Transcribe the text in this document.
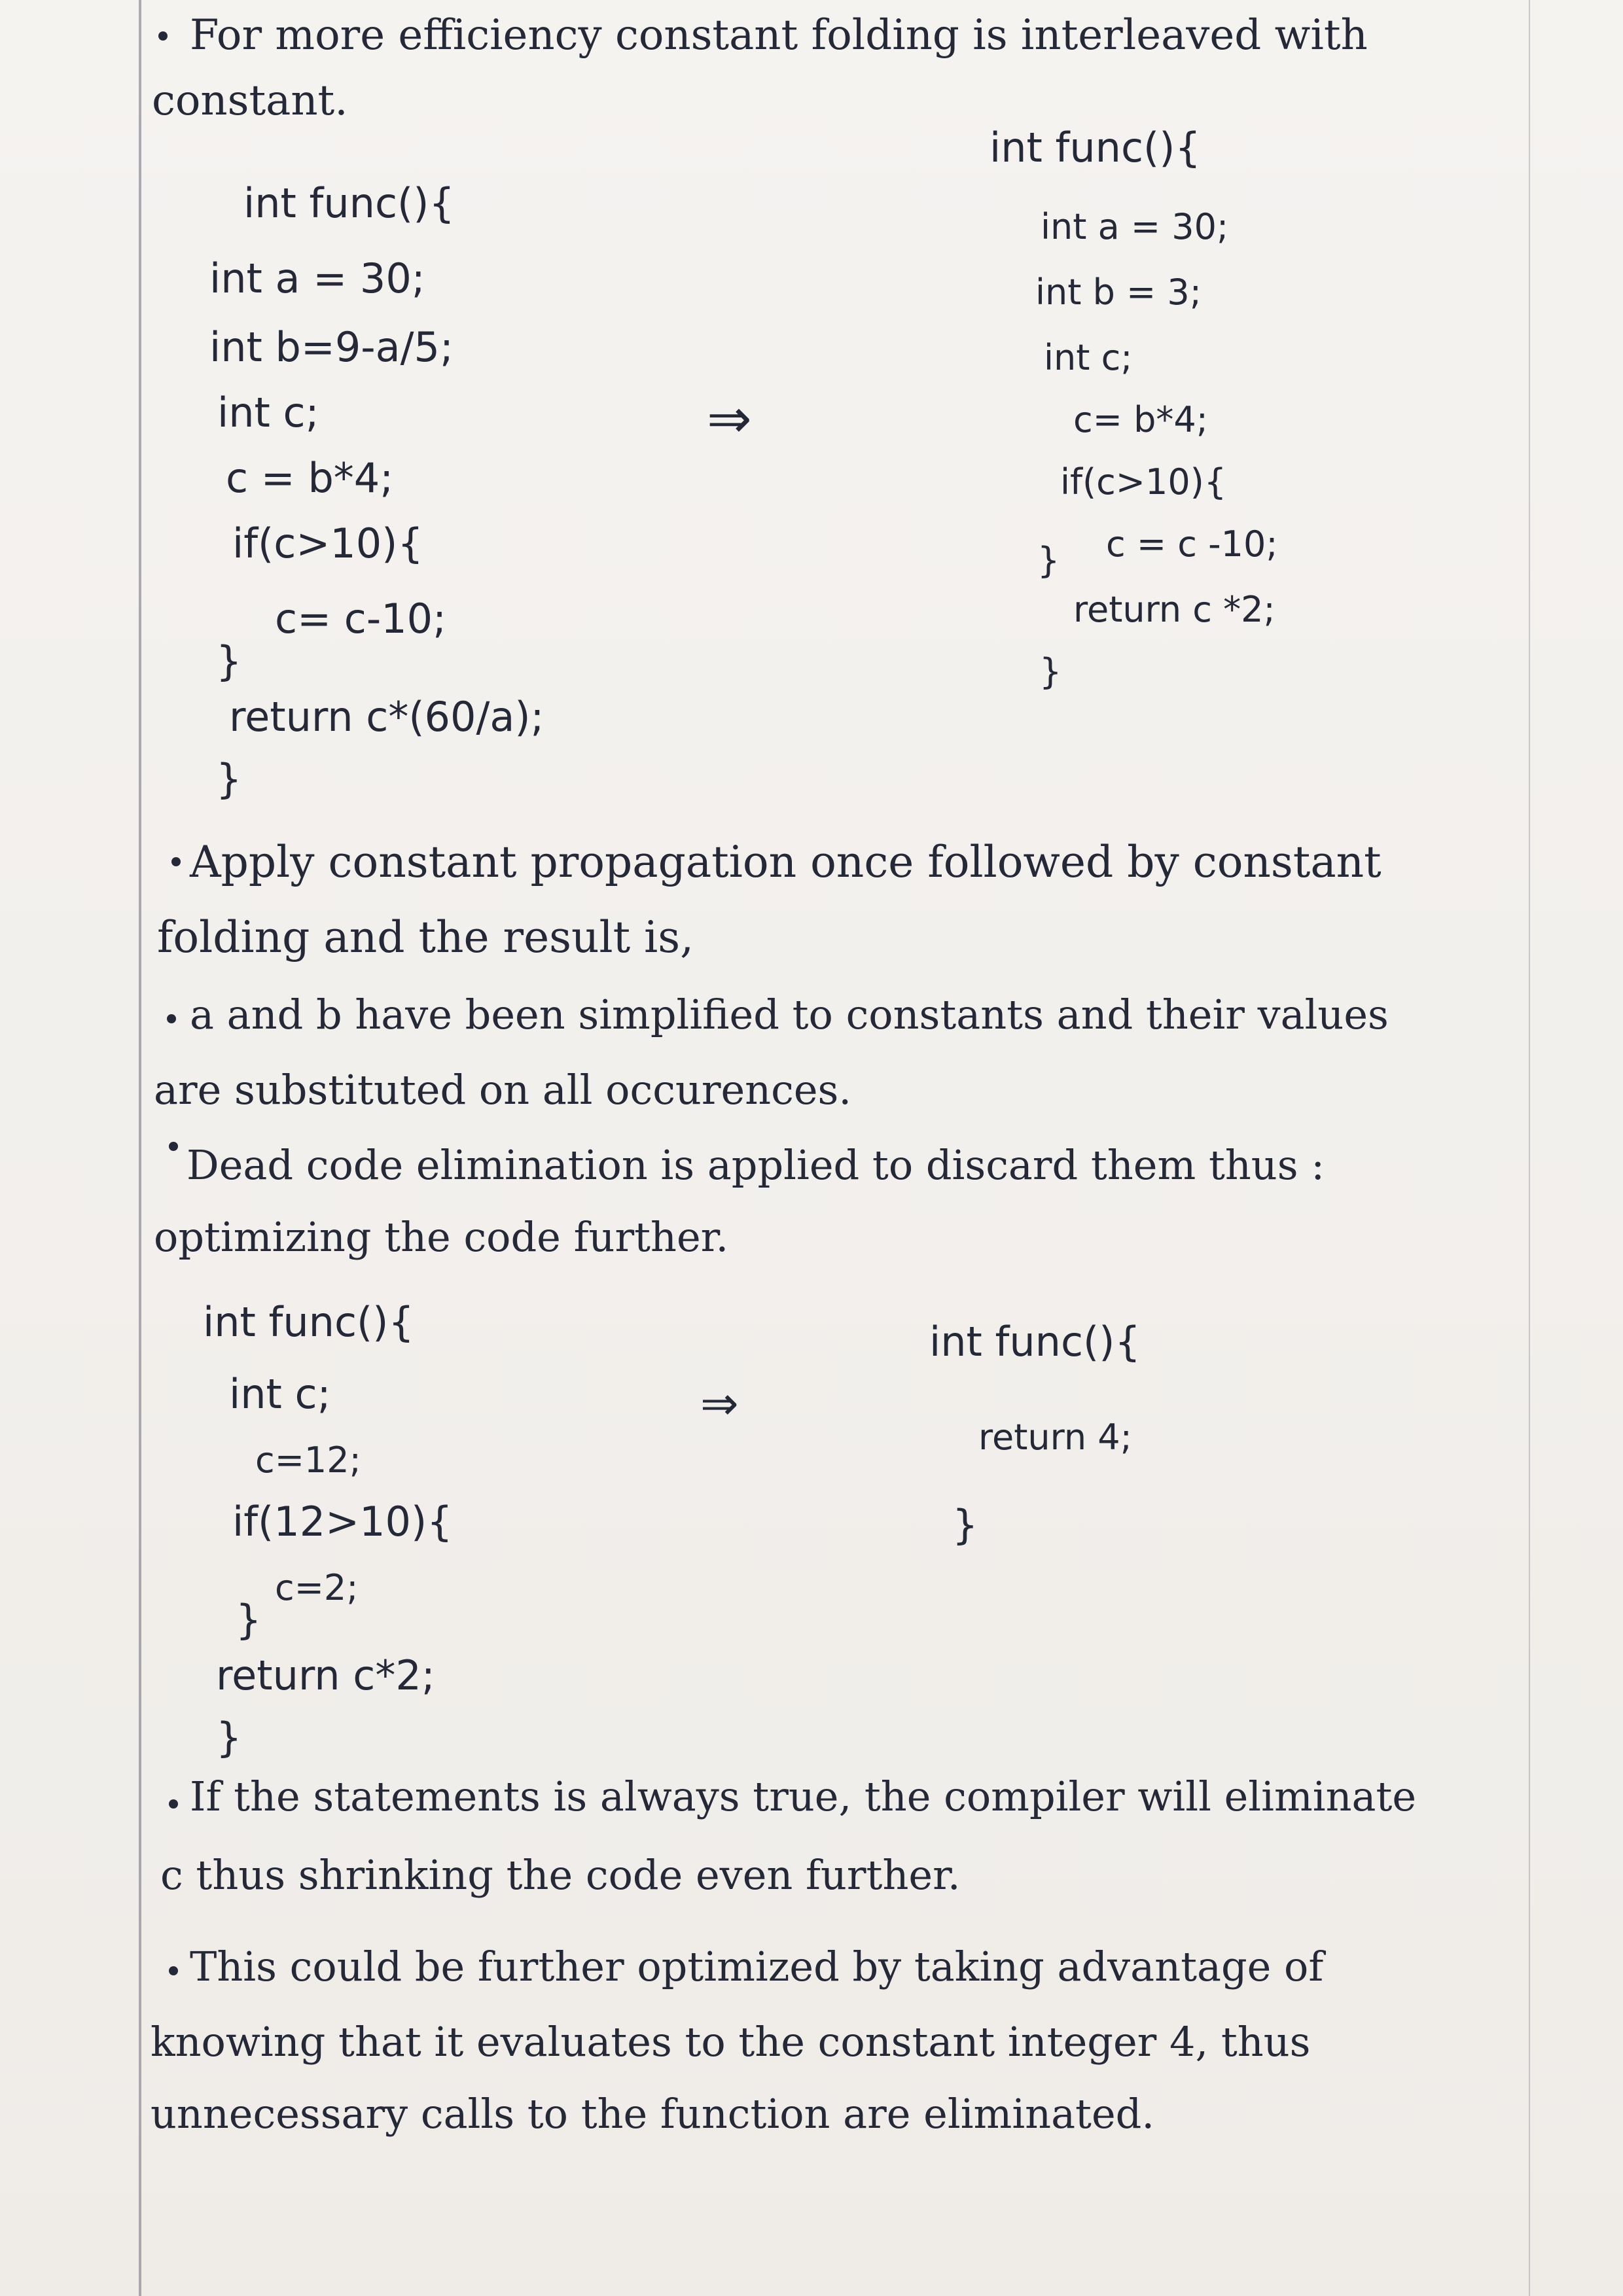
For more efficiency constant folding is interleaved with
constant.
int func(){
int a = 30;
int b=9-a/5;
int c;
c = b*4;
if(c>10){
c= c-10;
}
return c*(60/a);
}
⇒
int func(){
int a = 30;
int b = 3;
int c;
c= b*4;
if(c>10){
c = c -10;
}
return c *2;
}
Apply constant propagation once followed by constant
folding and the result is,
a and b have been simplified to constants and their values
are substituted on all occurences.
Dead code elimination is applied to discard them thus :
optimizing the code further.
int func(){
int c;
c=12;
if(12>10){
c=2;
}
return c*2;
}
⇒
int func(){
return 4;
}
If the statements is always true, the compiler will eliminate
c thus shrinking the code even further.
This could be further optimized by taking advantage of
knowing that it evaluates to the constant integer 4, thus
unnecessary calls to the function are eliminated.
